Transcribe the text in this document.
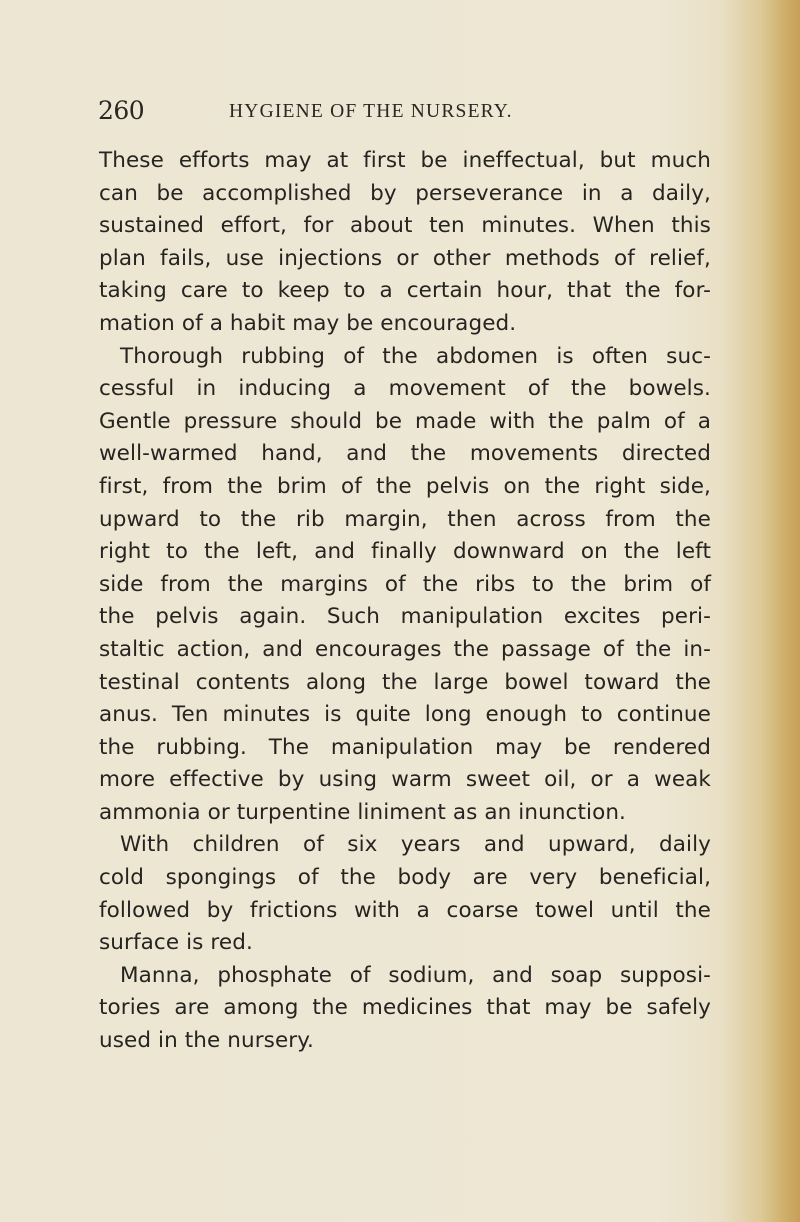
260	HYGIENE OF THE NURSERY.

These efforts may at first be ineffectual, but much
can be accomplished by perseverance in a daily,
sustained effort, for about ten minutes. When this
plan fails, use injections or other methods of relief,
taking care to keep to a certain hour, that the for-
mation of a habit may be encouraged.

Thorough rubbing of the abdomen is often suc-
cessful in inducing a movement of the bowels.
Gentle pressure should be made with the palm of a
well-warmed hand, and the movements directed
first, from the brim of the pelvis on the right side,
upward to the rib margin, then across from the
right to the left, and finally downward on the left
side from the margins of the ribs to the brim of
the pelvis again. Such manipulation excites peri-
staltic action, and encourages the passage of the in-
testinal contents along the large bowel toward the
anus. Ten minutes is quite long enough to continue
the rubbing. The manipulation may be rendered
more effective by using warm sweet oil, or a weak
ammonia or turpentine liniment as an inunction.

With children of six years and upward, daily
cold spongings of the body are very beneficial,
followed by frictions with a coarse towel until the
surface is red.

Manna, phosphate of sodium, and soap supposi-
tories are among the medicines that may be safely
used in the nursery.
